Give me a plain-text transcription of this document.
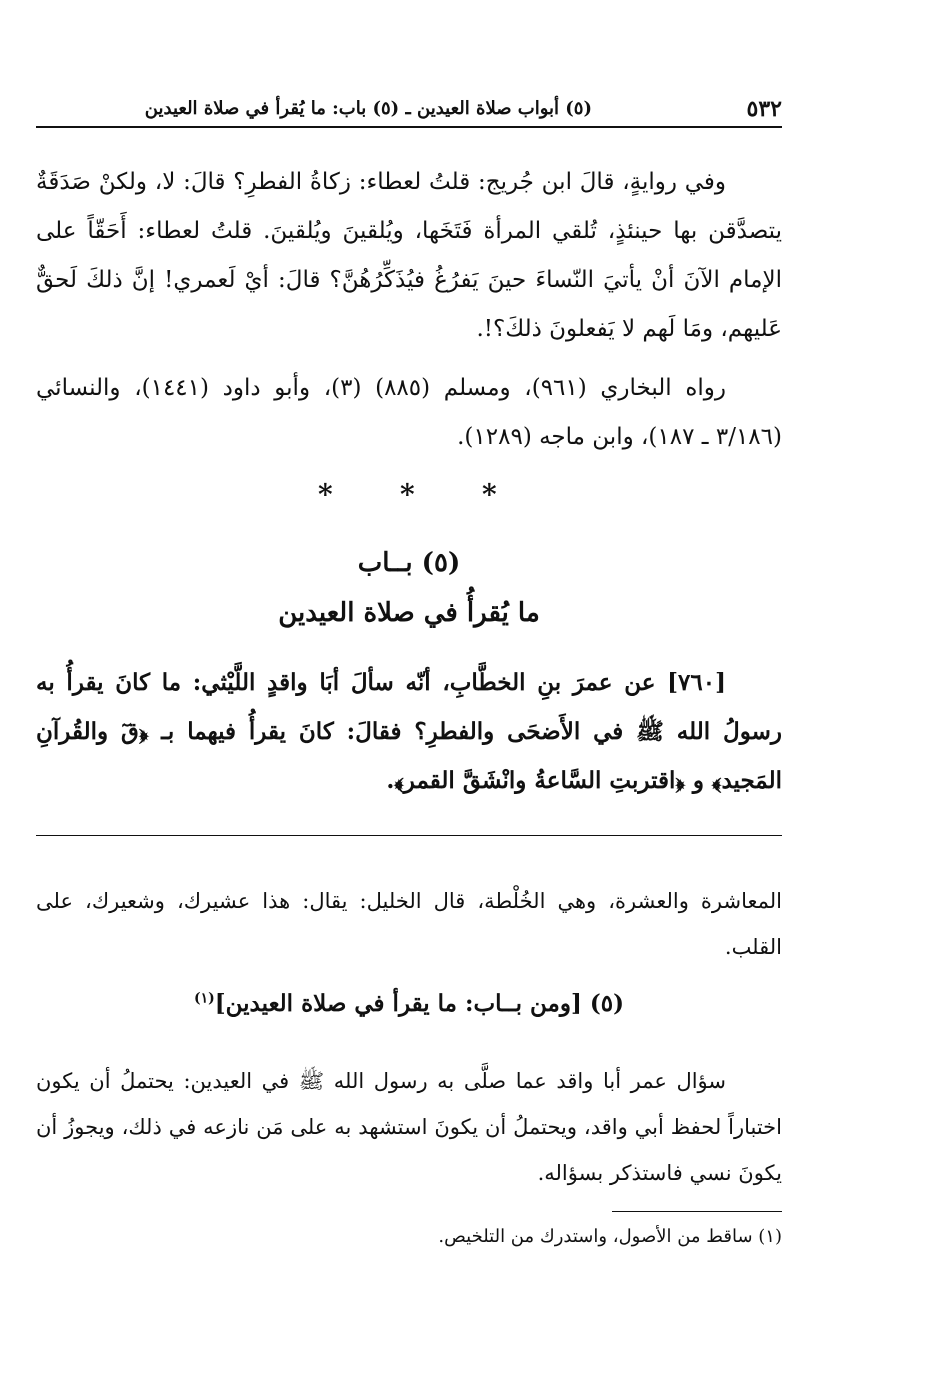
٥٣٢
(٥) أبواب صلاة العيدين ـ (٥) باب: ما يُقرأ في صلاة العيدين
وفي روايةٍ، قالَ ابن جُريج: قلتُ لعطاء: زكاةُ الفطرِ؟ قالَ: لا، ولكنْ صَدَقَةٌ يتصدَّقن بها حينئذٍ، تُلقي المرأة فَتَخَها، ويُلقينَ ويُلقينَ. قلتُ لعطاء: أَحَقّاً على الإمام الآنَ أنْ يأتيَ النّساءَ حينَ يَفرُغُ فيُذَكِّرُهُنَّ؟ قالَ: أيْ لَعمري! إنَّ ذلكَ لَحقٌّ عَليهم، ومَا لَهم لا يَفعلونَ ذلكَ؟!.
رواه البخاري (٩٦١)، ومسلم (٨٨٥) (٣)، وأبو داود (١٤٤١)، والنسائي (٣/١٨٦ ـ ١٨٧)، وابن ماجه (١٢٨٩).
* * *
(٥) بــاب
ما يُقرأُ في صلاة العيدين
[٧٦٠] عن عمرَ بنِ الخطَّابِ، أنّه سألَ أبَا واقدٍ اللَّيْثي: ما كانَ يقرأُ به رسولُ الله ﷺ في الأَضحَى والفطرِ؟ فقالَ: كانَ يقرأُ فيهما بـ ﴿قٓ والقُرآنِ المَجيد﴾ و ﴿اقتربتِ السَّاعةُ وانْشَقَّ القمر﴾.
المعاشرة والعشرة، وهي الخُلْطة، قال الخليل: يقال: هذا عشيرك، وشعيرك، على القلب.
(٥) [ومن بــاب: ما يقرأ في صلاة العيدين]$^{(١)}$
سؤال عمر أبا واقد عما صلَّى به رسول الله ﷺ في العيدين: يحتملُ أن يكون اختباراً لحفظ أبي واقد، ويحتملُ أن يكونَ استشهد به على مَن نازعه في ذلك، ويجوزُ أن يكونَ نسي فاستذكر بسؤاله.
(١) ساقط من الأصول، واستدرك من التلخيص.
